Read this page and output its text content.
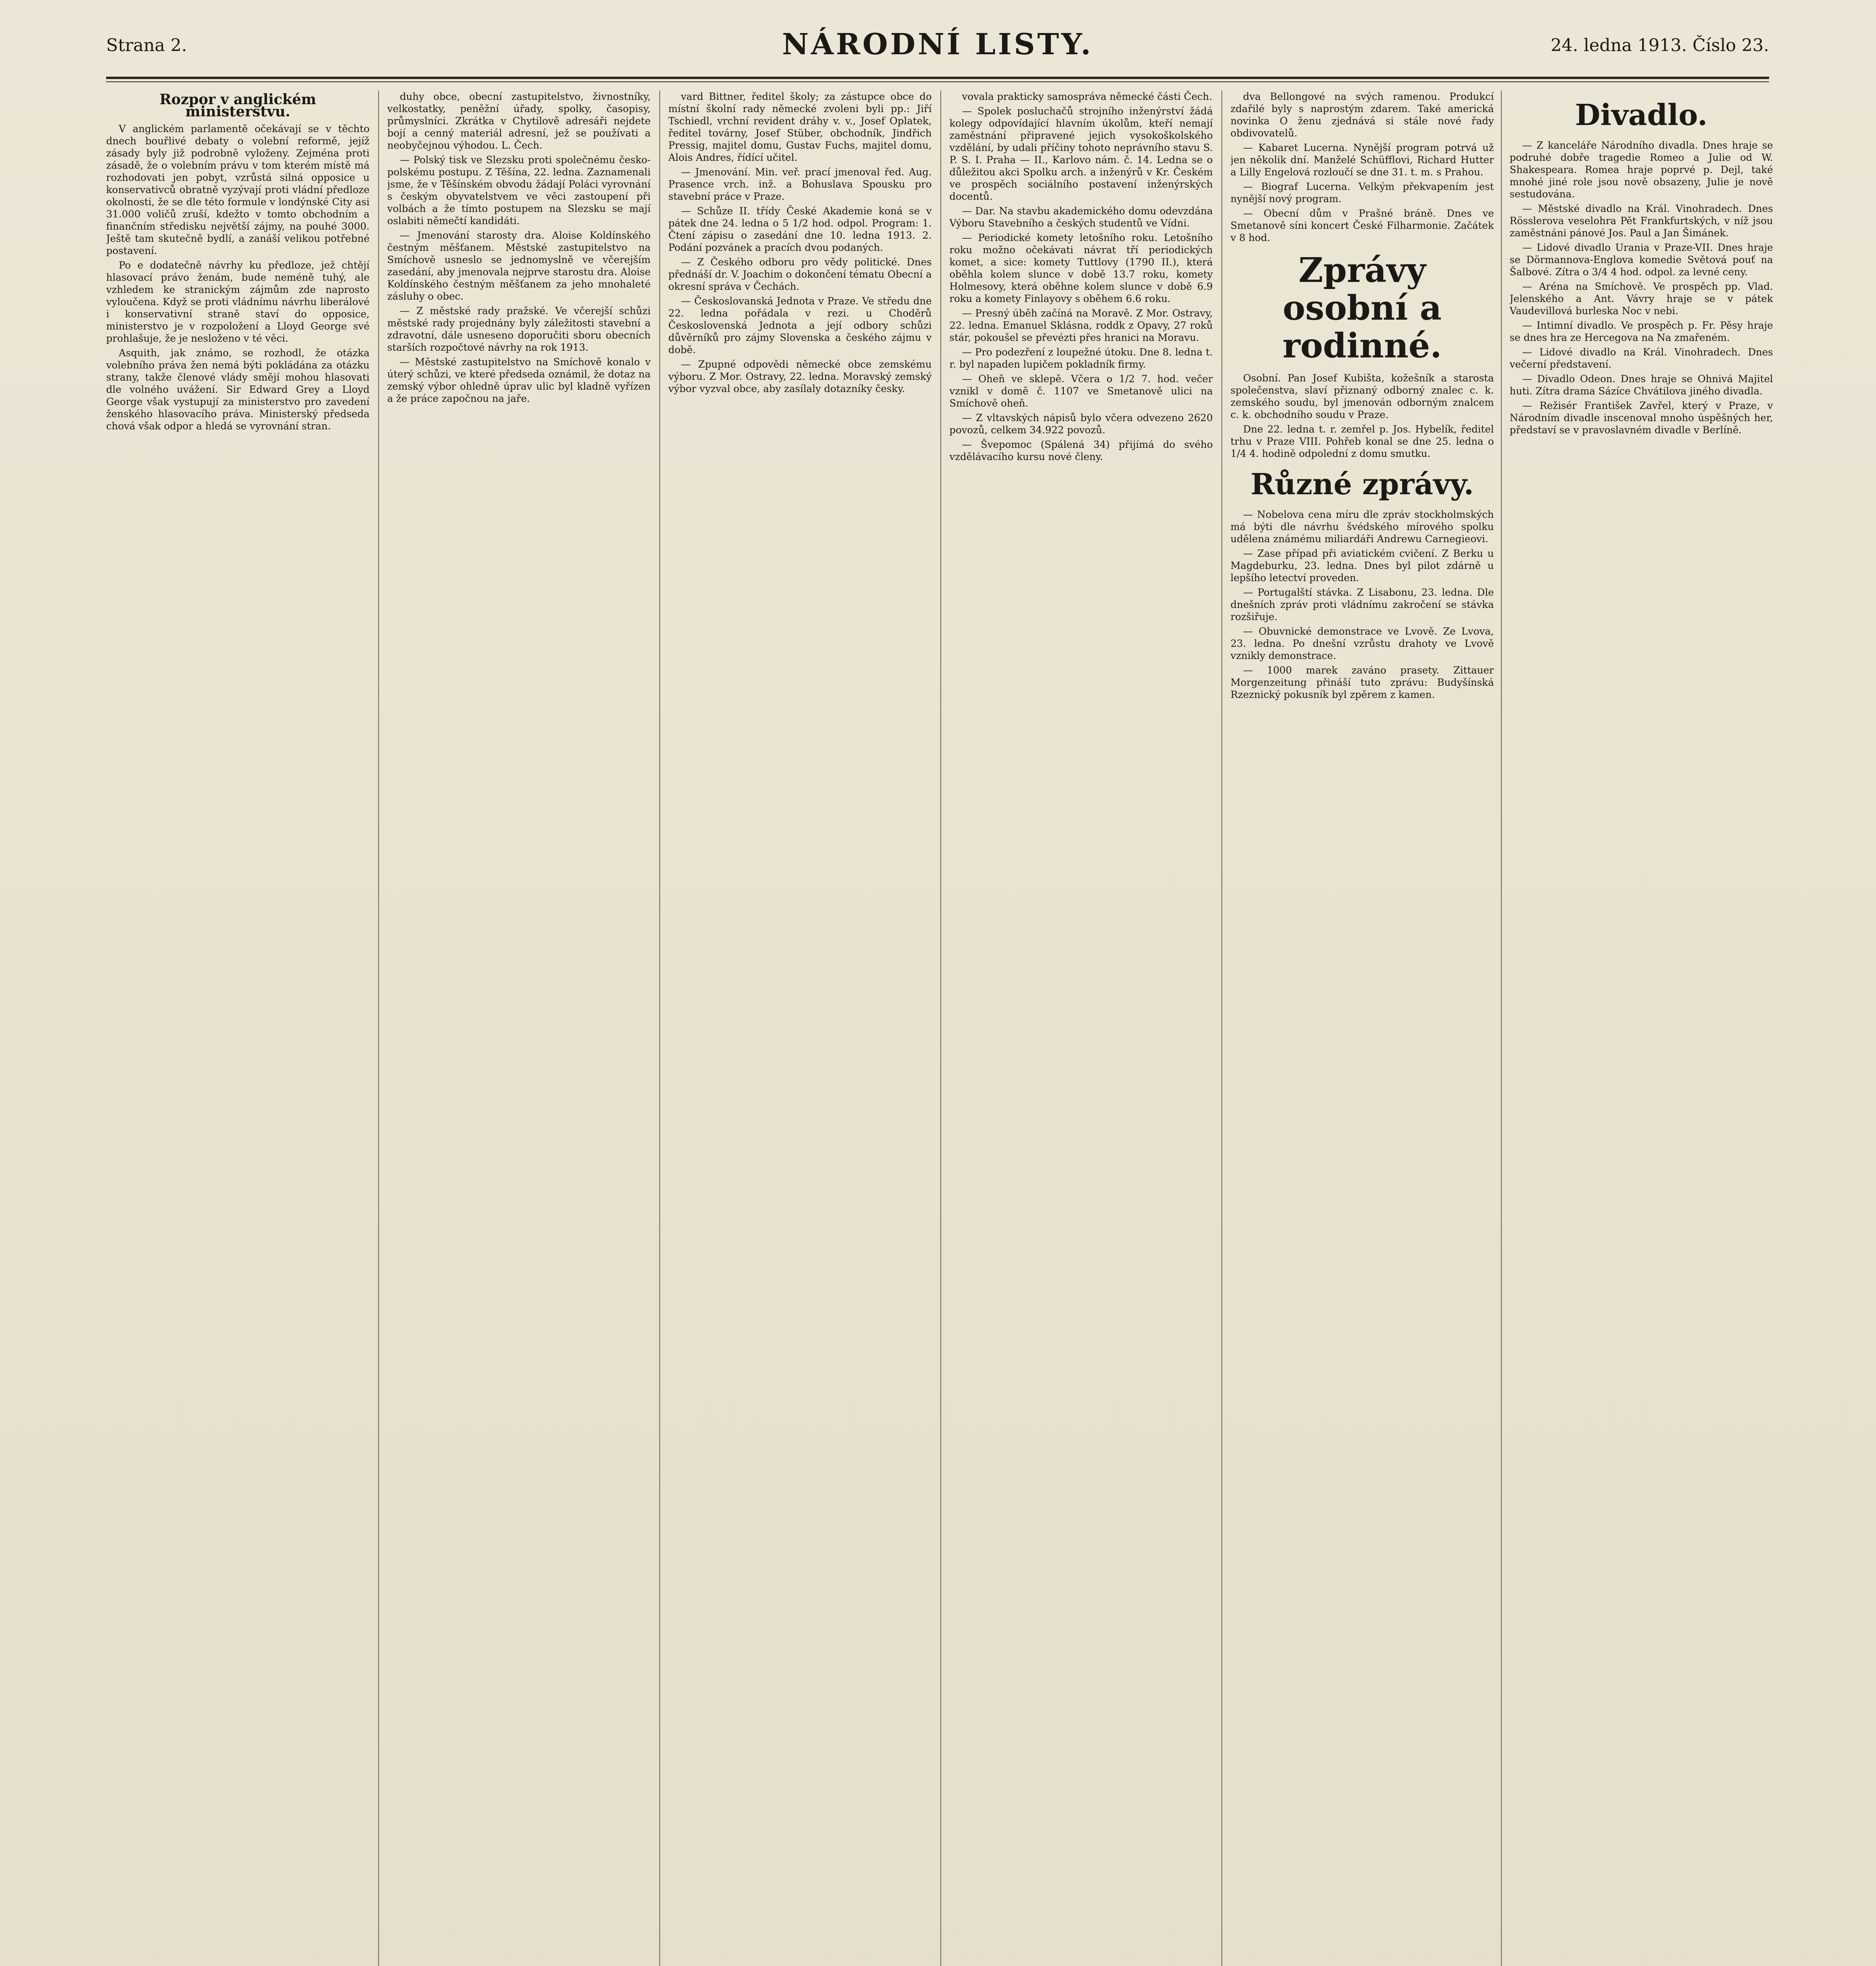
Strana 2.	NÁRODNÍ LISTY.	24. ledna 1913. Číslo 23.
Rozpor v anglickém ministerstvu.

V anglickém parlamentě očekávají se v těchto dnech bouřlivé debaty o volební reformě, jejíž zásady byly již podrobně vyloženy. Zejména proti zásadě, že o volebním právu v tom kterém místě má rozhodovati jen pobyt, vzrůstá silná opposice u konservativců obratně vyzývají proti vládní předloze okolnosti, že se dle této formule v londýnské City asi 31.000 voličů zruší, kdežto v tomto obchodním a finančním středisku největší zájmy, na pouhé 3000. Ještě tam skutečně bydlí, a zanáší velikou potřebné postavení.

Po e dodatečně návrhy ku předloze, jež chtějí hlasovací právo ženám, bude neméně tuhý, ale vzhledem ke stranickým zájmům zde naprosto vyloučena. Když se proti vládnímu návrhu liberálové i konservativní straně staví do opposice, ministerstvo je v rozpoložení a Lloyd George své prohlašuje, že je nesloženo v té věci.

Asquith, jak známo, se rozhodl, že otázka volebního práva žen nemá býti pokládána za otázku strany, takže členové vlády smějí mohou hlasovati dle volného uvážení. Sir Edward Grey a Lloyd George však vystupují za ministerstvo pro zavedení ženského hlasovacího práva. Ministerský předseda chová však odpor a hledá se vyrovnání stran.

duhy obce, obecní zastupitelstvo, živnostníky, velkostatky, peněžní úřady, spolky, časopisy, průmyslníci. Zkrátka v Chytilově adresáři nejdete bojí a cenný materiál adresní, jež se používati a neobyčejnou výhodou. L. Čech.

— Polský tisk ve Slezsku proti společnému česko-polskému postupu. Z Těšína, 22. ledna. Zaznamenali jsme, že v Těšínském obvodu žádají Poláci vyrovnání s českým obyvatelstvem ve věci zastoupení při volbách a že tímto postupem na Slezsku se mají oslabiti němečtí kandidáti.

— Jmenování starosty dra. Aloise Koldínského čestným měšťanem. Městské zastupitelstvo na Smíchově usneslo se jednomyslně ve včerejším zasedání, aby jmenovala nejprve starostu dra. Aloise Koldínského čestným měšťanem za jeho mnohaleté zásluhy o obec.

— Z městské rady pražské. Ve včerejší schůzi městské rady projednány byly záležitosti stavební a zdravotní, dále usneseno doporučiti sboru obecních starších rozpočtové návrhy na rok 1913.

— Městské zastupitelstvo na Smíchově konalo v úterý schůzi, ve které předseda oznámil, že dotaz na zemský výbor ohledně úprav ulic byl kladně vyřízen a že práce započnou na jaře.

vard Bittner, ředitel školy; za zástupce obce do místní školní rady německé zvoleni byli pp.: Jiří Tschiedl, vrchní revident dráhy v. v., Josef Oplatek, ředitel továrny, Josef Stüber, obchodník, Jindřich Pressig, majitel domu, Gustav Fuchs, majitel domu, Alois Andres, řídící učitel.

— Jmenování. Min. veř. prací jmenoval řed. Aug. Prasence vrch. inž. a Bohuslava Spousku pro stavební práce v Praze.

— Schůze II. třídy České Akademie koná se v pátek dne 24. ledna o 5 1/2 hod. odpol. Program: 1. Čtení zápisu o zasedání dne 10. ledna 1913. 2. Podání pozvánek a pracích dvou podaných.

— Z Českého odboru pro vědy politické. Dnes přednáší dr. V. Joachim o dokončení tématu Obecní a okresní správa v Čechách.

— Českoslovanská Jednota v Praze. Ve středu dne 22. ledna pořádala v rezi. u Choděrů Československá Jednota a její odbory schůzi důvěrníků pro zájmy Slovenska a českého zájmu v době.

— Zpupné odpovědi německé obce zemskému výboru. Z Mor. Ostravy, 22. ledna. Moravský zemský výbor vyzval obce, aby zasílaly dotazníky česky.

vovala prakticky samospráva německé části Čech.

— Spolek posluchačů strojního inženýrství žádá kolegy odpovídající hlavním úkolům, kteří nemají zaměstnání připravené jejich vysokoškolského vzdělání, by udali příčiny tohoto neprávního stavu S. P. S. I. Praha — II., Karlovo nám. č. 14. Ledna se o důležitou akci Spolku arch. a inženýrů v Kr. Českém ve prospěch sociálního postavení inženýrských docentů.

— Dar. Na stavbu akademického domu odevzdána Výboru Stavebního a českých studentů ve Vídni.

— Periodické komety letošního roku. Letošního roku možno očekávati návrat tří periodických komet, a sice: komety Tuttlovy (1790 II.), která oběhla kolem slunce v době 13.7 roku, komety Holmesovy, která oběhne kolem slunce v době 6.9 roku a komety Finlayovy s oběhem 6.6 roku.

— Presný úběh začíná na Moravě. Z Mor. Ostravy, 22. ledna. Emanuel Sklásna, roddk z Opavy, 27 roků stár, pokoušel se převézti přes hranici na Moravu.

— Pro podezření z loupežné útoku. Dne 8. ledna t. r. byl napaden lupičem pokladník firmy.

— Oheň ve sklepě. Včera o 1/2 7. hod. večer vznikl v domě č. 1107 ve Smetanově ulici na Smíchově oheň.

— Z vltavských nápisů bylo včera odvezeno 2620 povozů, celkem 34.922 povozů.

— Švepomoc (Spálená 34) přijímá do svého vzdělávacího kursu nové členy.

dva Bellongové na svých ramenou. Produkcí zdařilé byly s naprostým zdarem. Také americká novinka O ženu zjednává si stále nové řady obdivovatelů.

— Kabaret Lucerna. Nynější program potrvá už jen několik dní. Manželé Schüfflovi, Richard Hutter a Lilly Engelová rozloučí se dne 31. t. m. s Prahou.

— Biograf Lucerna. Velkým překvapením jest nynější nový program.

— Obecní dům v Prašné bráně. Dnes ve Smetanově síni koncert České Filharmonie. Začátek v 8 hod.

Zprávy osobní a rodinné.

Osobní. Pan Josef Kubišta, kožešník a starosta společenstva, slaví přiznaný odborný znalec c. k. zemského soudu, byl jmenován odborným znalcem c. k. obchodního soudu v Praze.

Dne 22. ledna t. r. zemřel p. Jos. Hybelík, ředitel trhu v Praze VIII. Pohřeb konal se dne 25. ledna o 1/4 4. hodině odpolední z domu smutku.

Různé zprávy.

— Nobelova cena míru dle zpráv stockholmských má býti dle návrhu švédského mírového spolku udělena známému miliardáři Andrewu Carnegieovi.

— Zase případ při aviatickém cvičení. Z Berku u Magdeburku, 23. ledna. Dnes byl pilot zdárně u lepšího letectví proveden.

— Portugalští stávka. Z Lisabonu, 23. ledna. Dle dnešních zpráv proti vládnímu zakročení se stávka rozšiřuje.

— Obuvnické demonstrace ve Lvově. Ze Lvova, 23. ledna. Po dnešní vzrůstu drahoty ve Lvově vznikly demonstrace.

— 1000 marek zaváno prasety. Zittauer Morgenzeitung přináší tuto zprávu: Budyšínská Rzeznický pokusník byl zpěrem z kamen.

Divadlo.

— Z kanceláře Národního divadla. Dnes hraje se podruhé dobře tragedie Romeo a Julie od W. Shakespeara. Romea hraje poprvé p. Dejl, také mnohé jiné role jsou nově obsazeny, Julie je nově sestudována.

— Městské divadlo na Král. Vinohradech. Dnes Rösslerova veselohra Pět Frankfurtských, v níž jsou zaměstnáni pánové Jos. Paul a Jan Šimánek.

— Lidové divadlo Urania v Praze-VII. Dnes hraje se Dörmannova-Englova komedie Světová pouť na Šalbové. Zítra o 3/4 4 hod. odpol. za levné ceny.

— Aréna na Smíchově. Ve prospěch pp. Vlad. Jelenského a Ant. Vávry hraje se v pátek Vaudevillová burleska Noc v nebi.

— Intimní divadlo. Ve prospěch p. Fr. Pěsy hraje se dnes hra ze Hercegova na Na zmařeném.

— Lidové divadlo na Král. Vinohradech. Dnes večerní představení.

— Divadlo Odeon. Dnes hraje se Ohnivá Majitel huti. Zítra drama Sázíce Chvátilova jiného divadla.

— Režisér František Zavřel, který v Praze, v Národním divadle inscenoval mnoho úspěšných her, představí se v pravoslavném divadle v Berlíně.
